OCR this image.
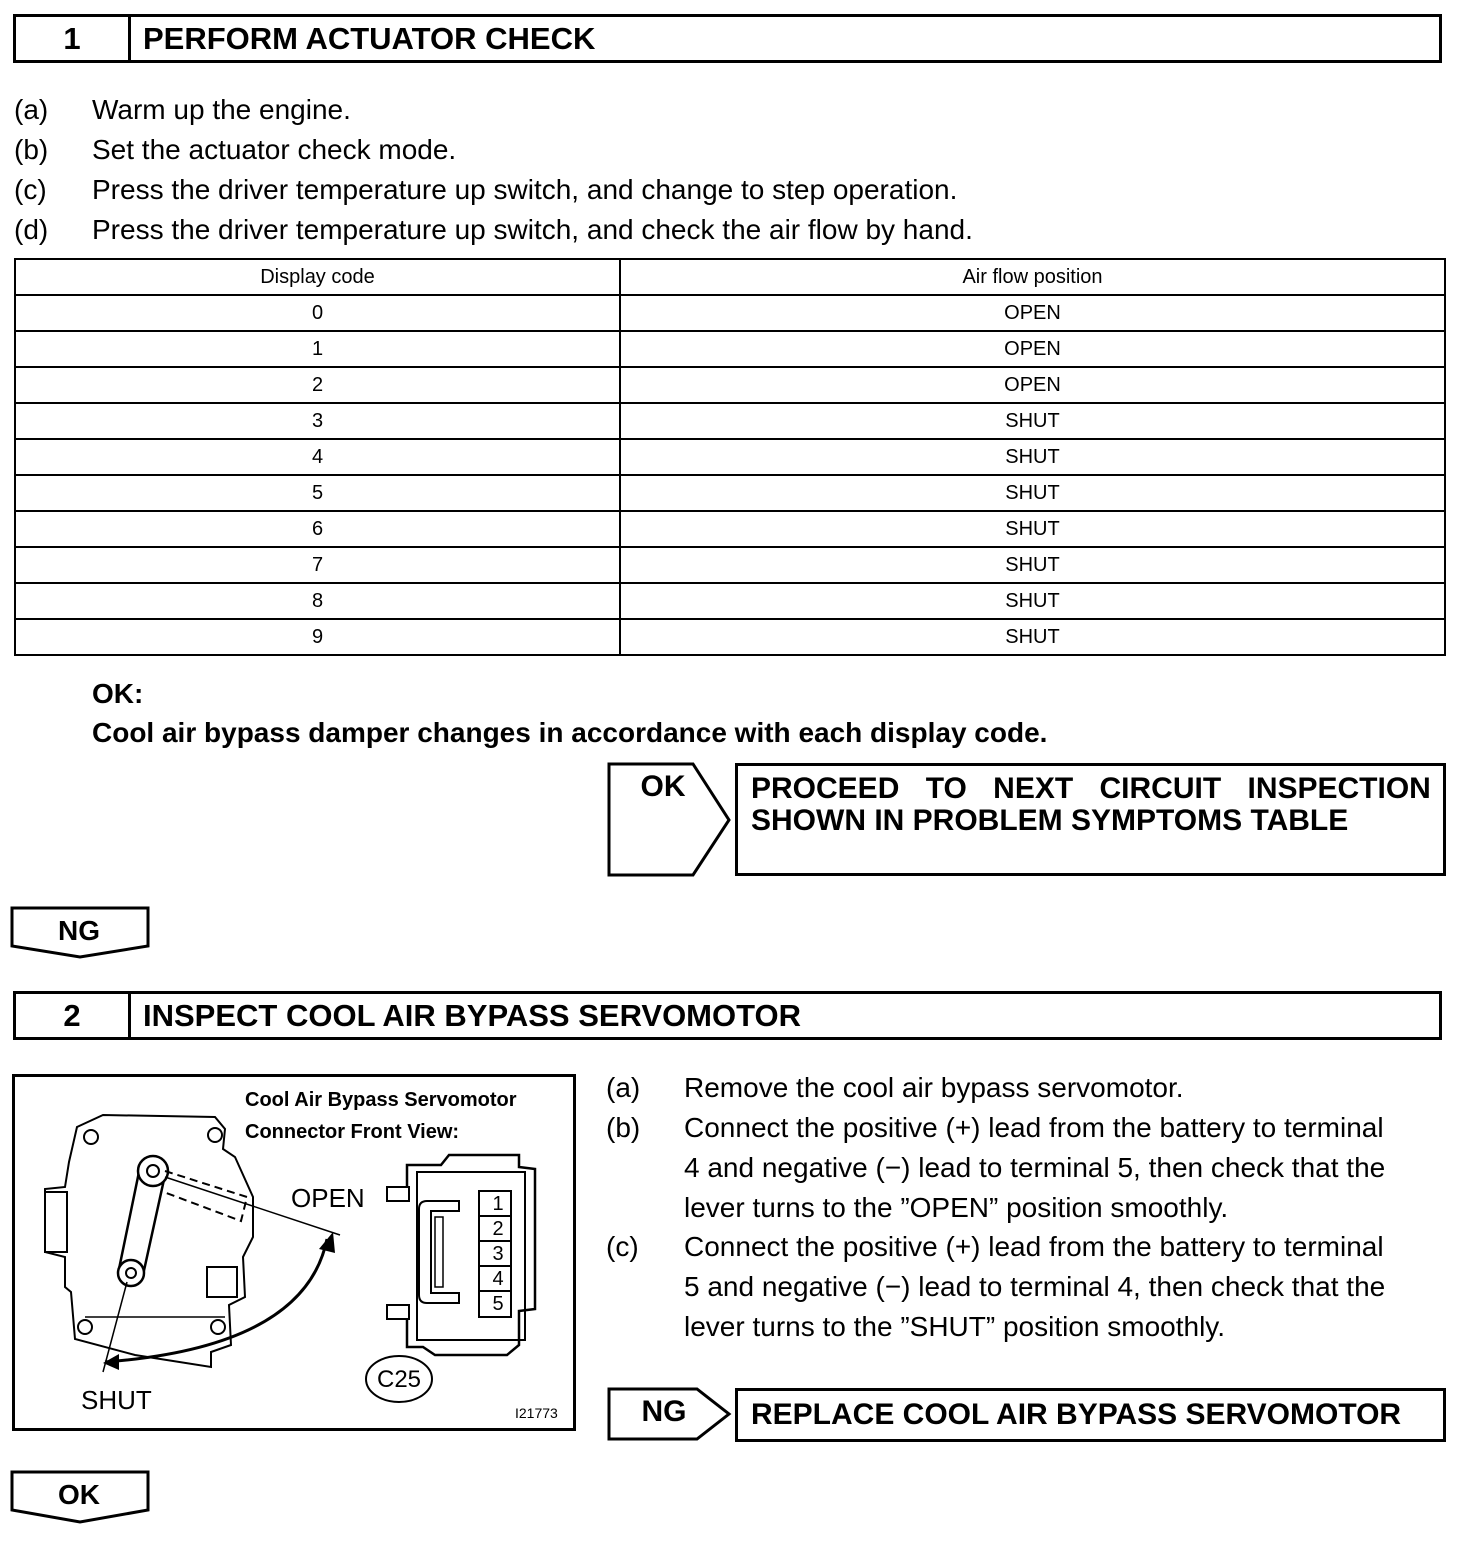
1	PERFORM ACTUATOR CHECK
(a) Warm up the engine.
(b) Set the actuator check mode.
(c) Press the driver temperature up switch, and change to step operation.
(d) Press the driver temperature up switch, and check the air flow by hand.
Display code	Air flow position
0	OPEN
1	OPEN
2	OPEN
3	SHUT
4	SHUT
5	SHUT
6	SHUT
7	SHUT
8	SHUT
9	SHUT
OK:
Cool air bypass damper changes in accordance with each display code.
OK	PROCEED TO NEXT CIRCUIT INSPECTION
SHOWN IN PROBLEM SYMPTOMS TABLE
NG
2	INSPECT COOL AIR BYPASS SERVOMOTOR
Cool Air Bypass Servomotor
Connector Front View:
OPEN
SHUT
1
2
3
4
5
C25
I21773
(a) Remove the cool air bypass servomotor.
(b) Connect the positive (+) lead from the battery to terminal
4 and negative (−) lead to terminal 5, then check that the
lever turns to the ”OPEN” position smoothly.
(c) Connect the positive (+) lead from the battery to terminal
5 and negative (−) lead to terminal 4, then check that the
lever turns to the ”SHUT” position smoothly.
NG	REPLACE COOL AIR BYPASS SERVOMOTOR
OK
